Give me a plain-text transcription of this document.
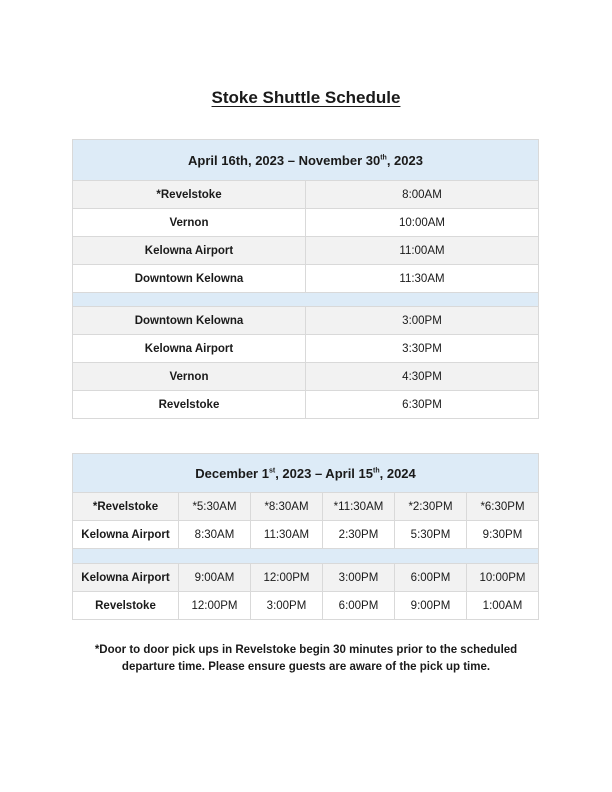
Stoke Shuttle Schedule
April 16th, 2023 – November 30th, 2023	
*Revelstoke	8:00AM
Vernon	10:00AM
Kelowna Airport	11:00AM
Downtown Kelowna	11:30AM

Downtown Kelowna	3:00PM
Kelowna Airport	3:30PM
Vernon	4:30PM
Revelstoke	6:30PM
December 1st, 2023 – April 15th, 2024					
*Revelstoke	*5:30AM	*8:30AM	*11:30AM	*2:30PM	*6:30PM
Kelowna Airport	8:30AM	11:30AM	2:30PM	5:30PM	9:30PM

Kelowna Airport	9:00AM	12:00PM	3:00PM	6:00PM	10:00PM
Revelstoke	12:00PM	3:00PM	6:00PM	9:00PM	1:00AM
*Door to door pick ups in Revelstoke begin 30 minutes prior to the scheduled
departure time. Please ensure guests are aware of the pick up time.
